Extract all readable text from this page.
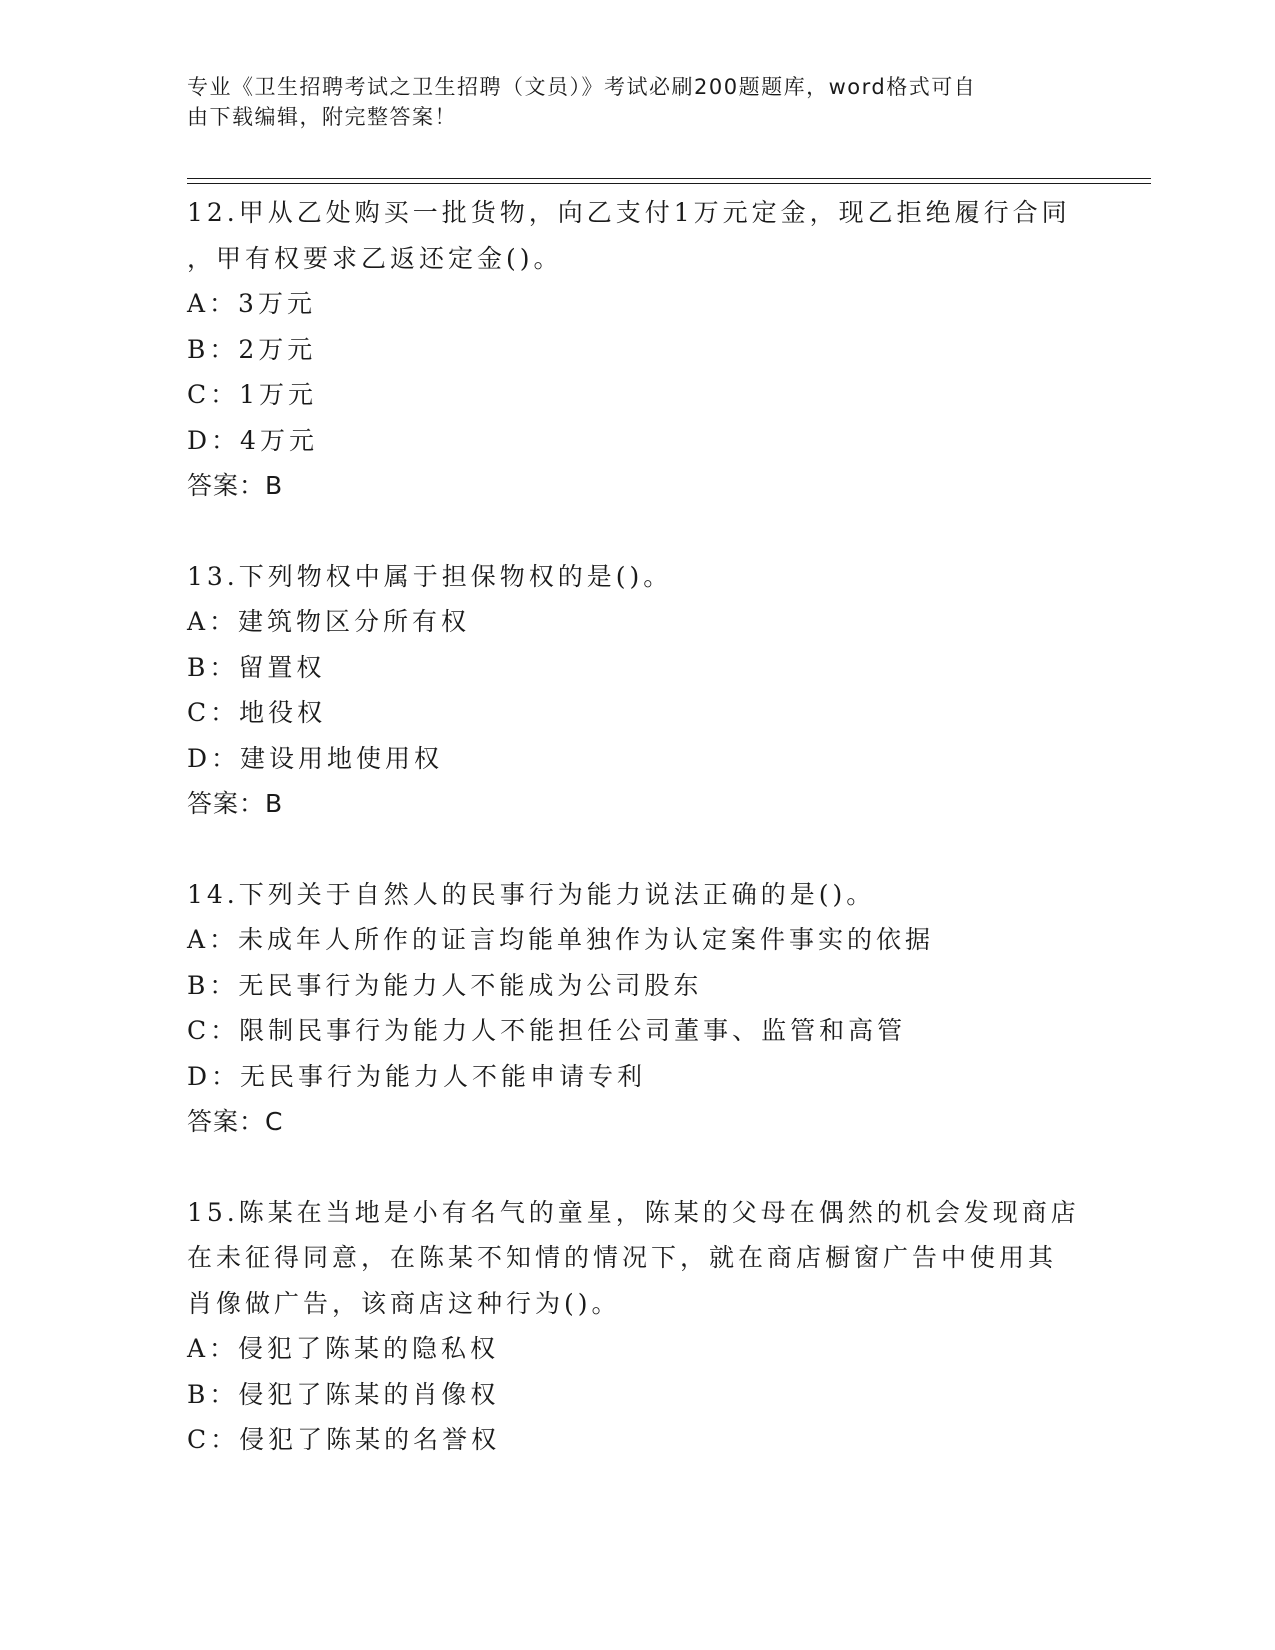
专业《卫生招聘考试之卫生招聘（文员）》考试必刷200题题库，word格式可自
由下载编辑，附完整答案！
12.甲从乙处购买一批货物，向乙支付1万元定金，现乙拒绝履行合同
，甲有权要求乙返还定金()。
A：3万元
B：2万元
C：1万元
D：4万元
答案：B
13.下列物权中属于担保物权的是()。
A：建筑物区分所有权
B：留置权
C：地役权
D：建设用地使用权
答案：B
14.下列关于自然人的民事行为能力说法正确的是()。
A：未成年人所作的证言均能单独作为认定案件事实的依据
B：无民事行为能力人不能成为公司股东
C：限制民事行为能力人不能担任公司董事、监管和高管
D：无民事行为能力人不能申请专利
答案：C
15.陈某在当地是小有名气的童星，陈某的父母在偶然的机会发现商店
在未征得同意，在陈某不知情的情况下，就在商店橱窗广告中使用其
肖像做广告，该商店这种行为()。
A：侵犯了陈某的隐私权
B：侵犯了陈某的肖像权
C：侵犯了陈某的名誉权
